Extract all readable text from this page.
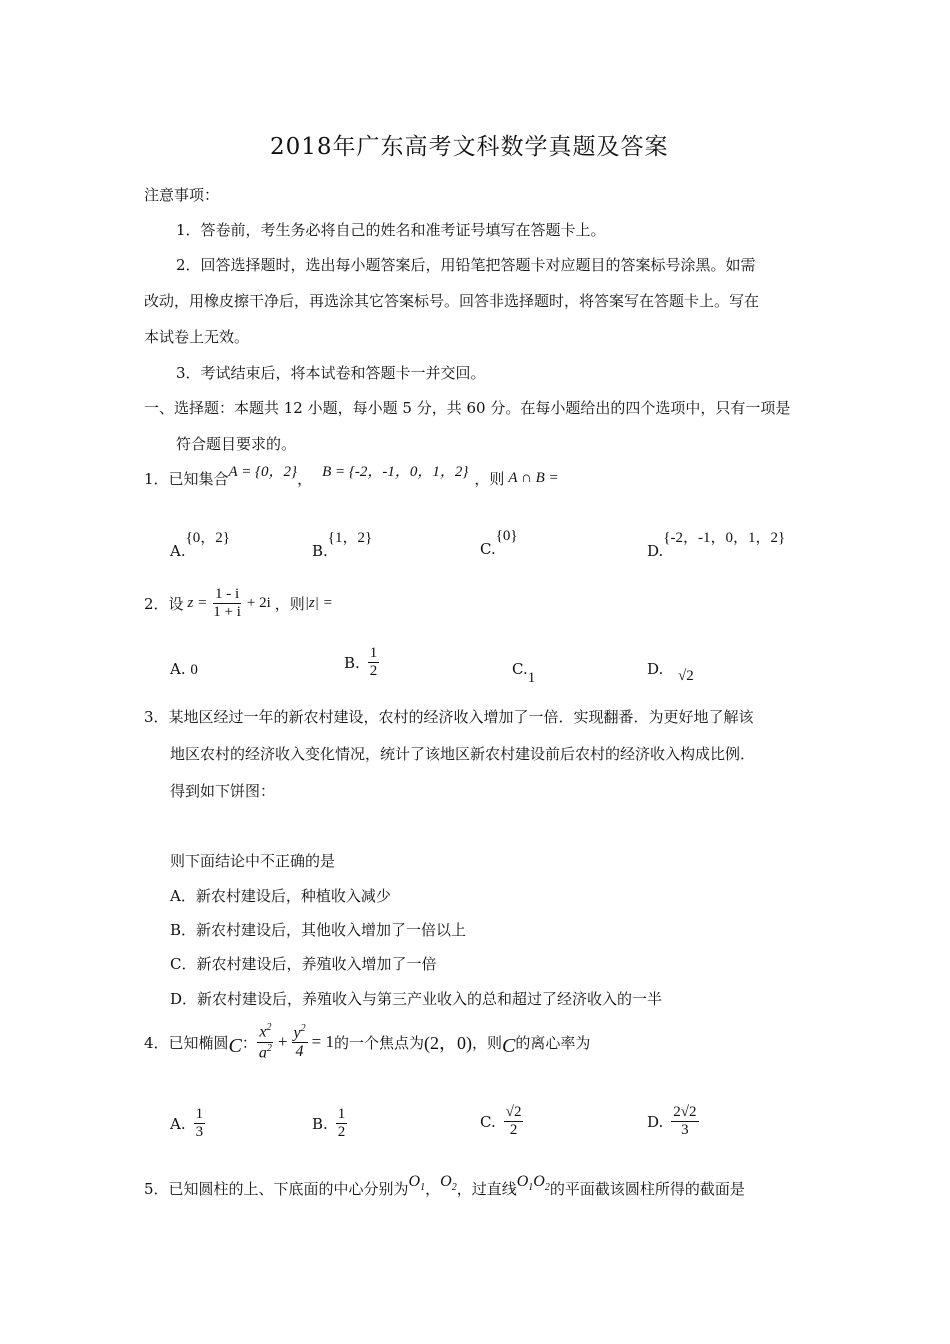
2018年广东高考文科数学真题及答案
注意事项：
1．答卷前，考生务必将自己的姓名和准考证号填写在答题卡上。
2．回答选择题时，选出每小题答案后，用铅笔把答题卡对应题目的答案标号涂黑。如需
改动，用橡皮擦干净后，再选涂其它答案标号。回答非选择题时，将答案写在答题卡上。写在
本试卷上无效。
3．考试结束后，将本试卷和答题卡一并交回。
一、选择题：本题共 12 小题，每小题 5 分，共 60 分。在每小题给出的四个选项中，只有一项是
符合题目要求的。
1．已知集合A = {0，2}， B = {-2，-1，0，1，2} ，则 A ∩ B =
A.{0，2}
B.{1，2}
C.{0}
D.{-2，-1，0，1，2}
2．设 $z = \frac{1 - i}{1 + i} + 2i$ ，则 |z| =
A. 0	B. $\frac{1}{2}$	C.1	D. √2
3．某地区经过一年的新农村建设，农村的经济收入增加了一倍．实现翻番．为更好地了解该
地区农村的经济收入变化情况，统计了该地区新农村建设前后农村的经济收入构成比例．
得到如下饼图：
则下面结论中不正确的是
A．新农村建设后，种植收入减少
B．新农村建设后，其他收入增加了一倍以上
C．新农村建设后，养殖收入增加了一倍
D．新农村建设后，养殖收入与第三产业收入的总和超过了经济收入的一半
4．已知椭圆 C ： $\frac{x^2}{a^2} + \frac{y^2}{4} = 1$ 的一个焦点为 (2，0) ，则 C 的离心率为
A. $\frac{1}{3}$	B. $\frac{1}{2}$	C. $\frac{√2}{2}$	D. $\frac{2√2}{3}$
5．已知圆柱的上、下底面的中心分别为$O_1$，$O_2$，过直线$O_1O_2$的平面截该圆柱所得的截面是
